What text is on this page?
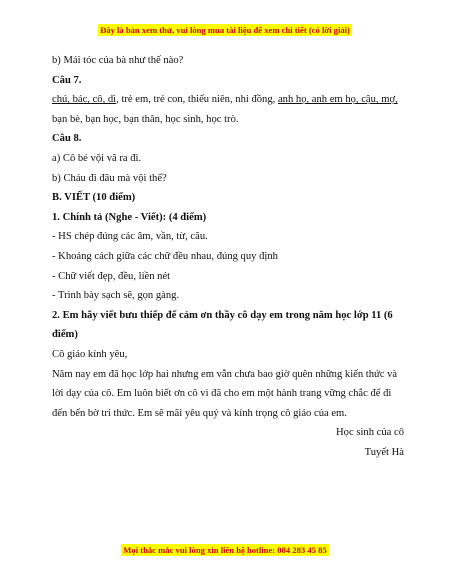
Đây là bản xem thử, vui lòng mua tài liệu để xem chi tiết (có lời giải)

b) Mái tóc của bà như thế nào?

Câu 7.

chú, bác, cô, dì, trẻ em, trẻ con, thiếu niên, nhi đồng, anh họ, anh em họ, cậu, mợ,

bạn bè, bạn học, bạn thân, học sinh, học trò.

Câu 8.

a) Cô bé vội vã ra đi.

b) Cháu đi đâu mà vội thế?

B. VIẾT (10 điểm)

1. Chính tả (Nghe - Viết): (4 điểm)

- HS chép đúng các âm, vần, từ, câu.

- Khoảng cách giữa các chữ đều nhau, đúng quy định

- Chữ viết đẹp, đều, liền nét

- Trình bày sạch sẽ, gọn gàng.

2. Em hãy viết bưu thiếp để cảm ơn thầy cô dạy em trong năm học lớp 11 (6 điểm)

Cô giáo kính yêu,

Năm nay em đã học lớp hai nhưng em vẫn chưa bao giờ quên những kiến thức và lời dạy của cô. Em luôn biết ơn cô vì đã cho em một hành trang vững chắc để đi đến bến bờ tri thức. Em sẽ mãi yêu quý và kính trọng cô giáo của em.

Học sinh của cô

Tuyết Hà

Mọi thắc mắc vui lòng xin liên hệ hotline: 084 283 45 85
